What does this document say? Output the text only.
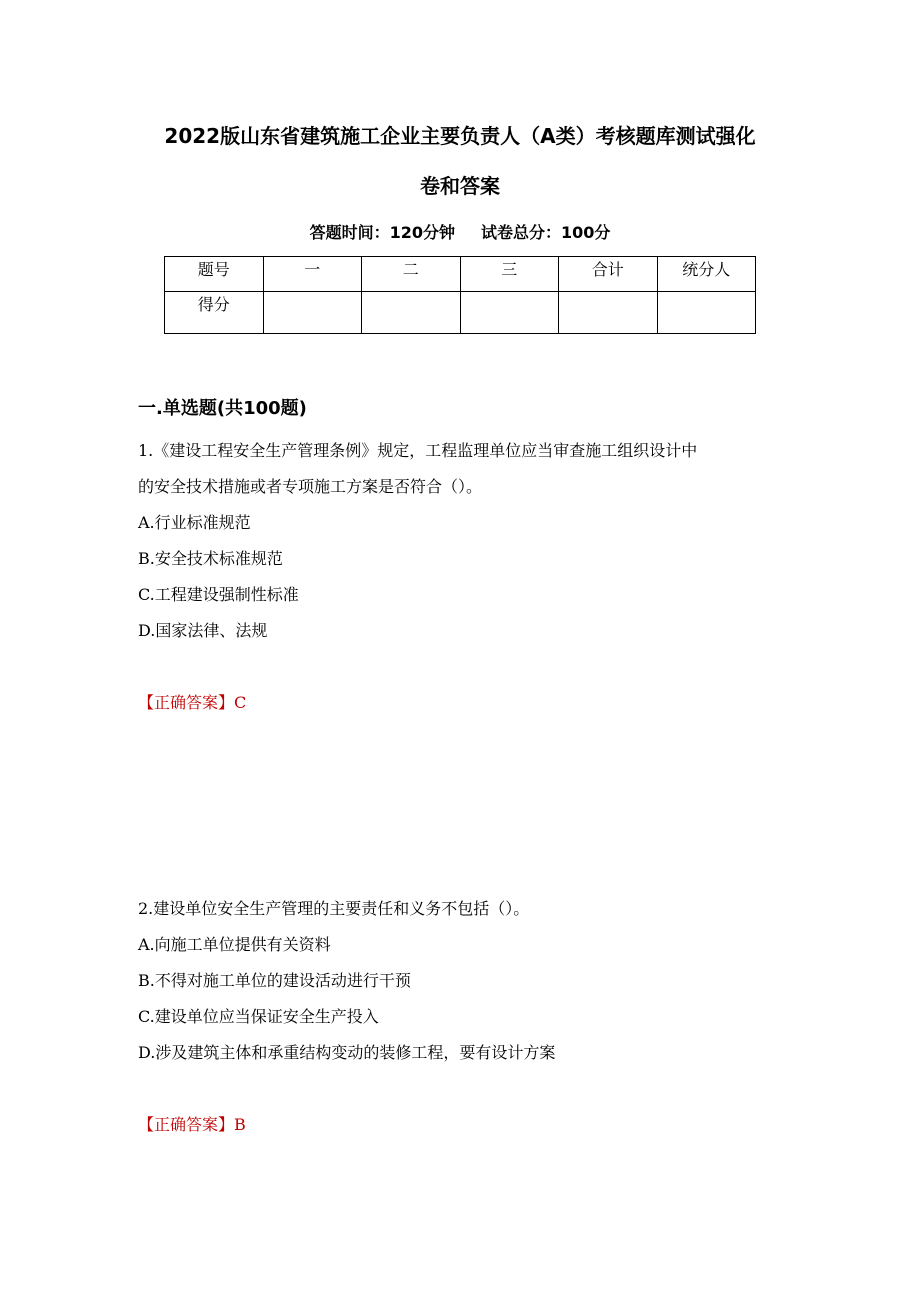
2022版山东省建筑施工企业主要负责人（A类）考核题库测试强化
卷和答案
答题时间：120分钟 试卷总分：100分
题号	一	二	三	合计	统分人
得分					
一.单选题(共100题)
1.《建设工程安全生产管理条例》规定，工程监理单位应当审查施工组织设计中
的安全技术措施或者专项施工方案是否符合（）。
A.行业标准规范
B.安全技术标准规范
C.工程建设强制性标准
D.国家法律、法规
【正确答案】C
2.建设单位安全生产管理的主要责任和义务不包括（）。
A.向施工单位提供有关资料
B.不得对施工单位的建设活动进行干预
C.建设单位应当保证安全生产投入
D.涉及建筑主体和承重结构变动的装修工程，要有设计方案
【正确答案】B
